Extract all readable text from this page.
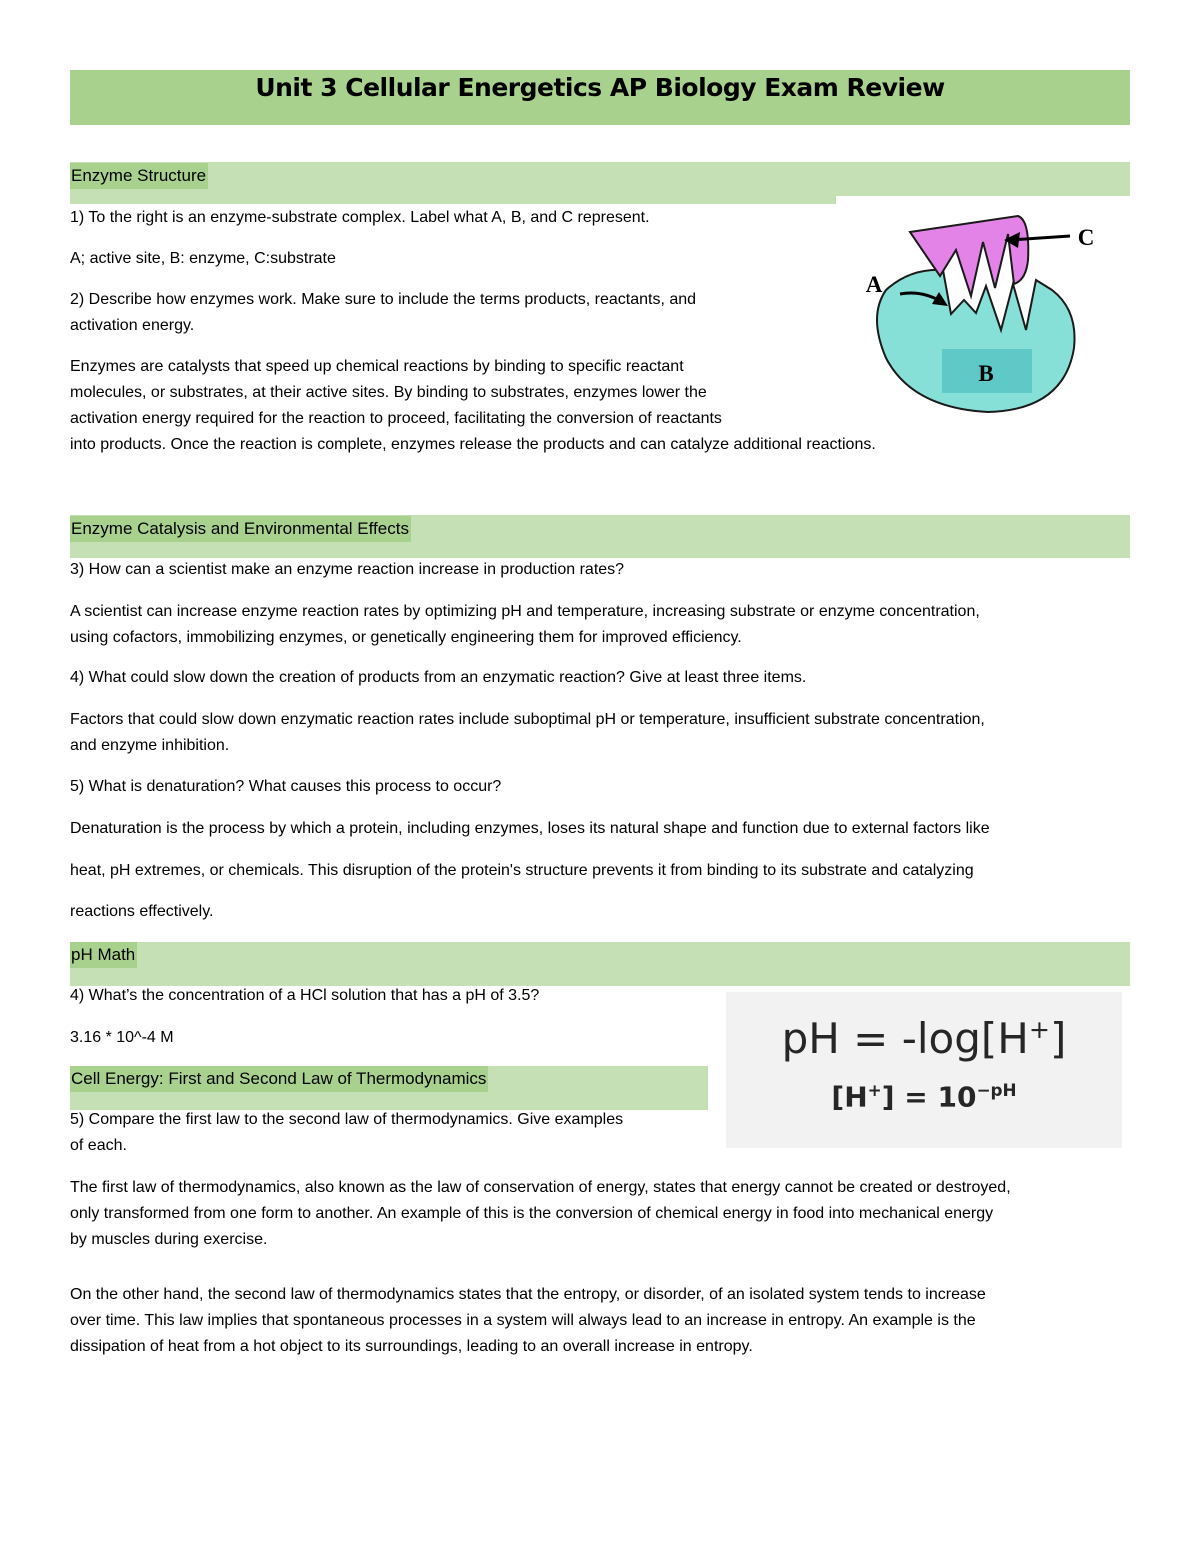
Unit 3 Cellular Energetics AP Biology Exam Review
Enzyme Structure
1) To the right is an enzyme-substrate complex. Label what A, B, and C represent.
A; active site, B: enzyme, C:substrate
2) Describe how enzymes work. Make sure to include the terms products, reactants, and
activation energy.
Enzymes are catalysts that speed up chemical reactions by binding to specific reactant
molecules, or substrates, at their active sites. By binding to substrates, enzymes lower the
activation energy required for the reaction to proceed, facilitating the conversion of reactants
into products. Once the reaction is complete, enzymes release the products and can catalyze additional reactions.
B
C
A
Enzyme Catalysis and Environmental Effects
3) How can a scientist make an enzyme reaction increase in production rates?
A scientist can increase enzyme reaction rates by optimizing pH and temperature, increasing substrate or enzyme concentration,
using cofactors, immobilizing enzymes, or genetically engineering them for improved efficiency.
4) What could slow down the creation of products from an enzymatic reaction? Give at least three items.
Factors that could slow down enzymatic reaction rates include suboptimal pH or temperature, insufficient substrate concentration,
and enzyme inhibition.
5) What is denaturation? What causes this process to occur?
Denaturation is the process by which a protein, including enzymes, loses its natural shape and function due to external factors like
heat, pH extremes, or chemicals. This disruption of the protein's structure prevents it from binding to its substrate and catalyzing
reactions effectively.
pH Math
4) What’s the concentration of a HCl solution that has a pH of 3.5?
3.16 * 10^-4 M	pH = -log[H+]
$[H^+] = 10^{-pH}$
Cell Energy: First and Second Law of Thermodynamics
5) Compare the first law to the second law of thermodynamics. Give examples
of each.
The first law of thermodynamics, also known as the law of conservation of energy, states that energy cannot be created or destroyed,
only transformed from one form to another. An example of this is the conversion of chemical energy in food into mechanical energy
by muscles during exercise.
On the other hand, the second law of thermodynamics states that the entropy, or disorder, of an isolated system tends to increase
over time. This law implies that spontaneous processes in a system will always lead to an increase in entropy. An example is the
dissipation of heat from a hot object to its surroundings, leading to an overall increase in entropy.
